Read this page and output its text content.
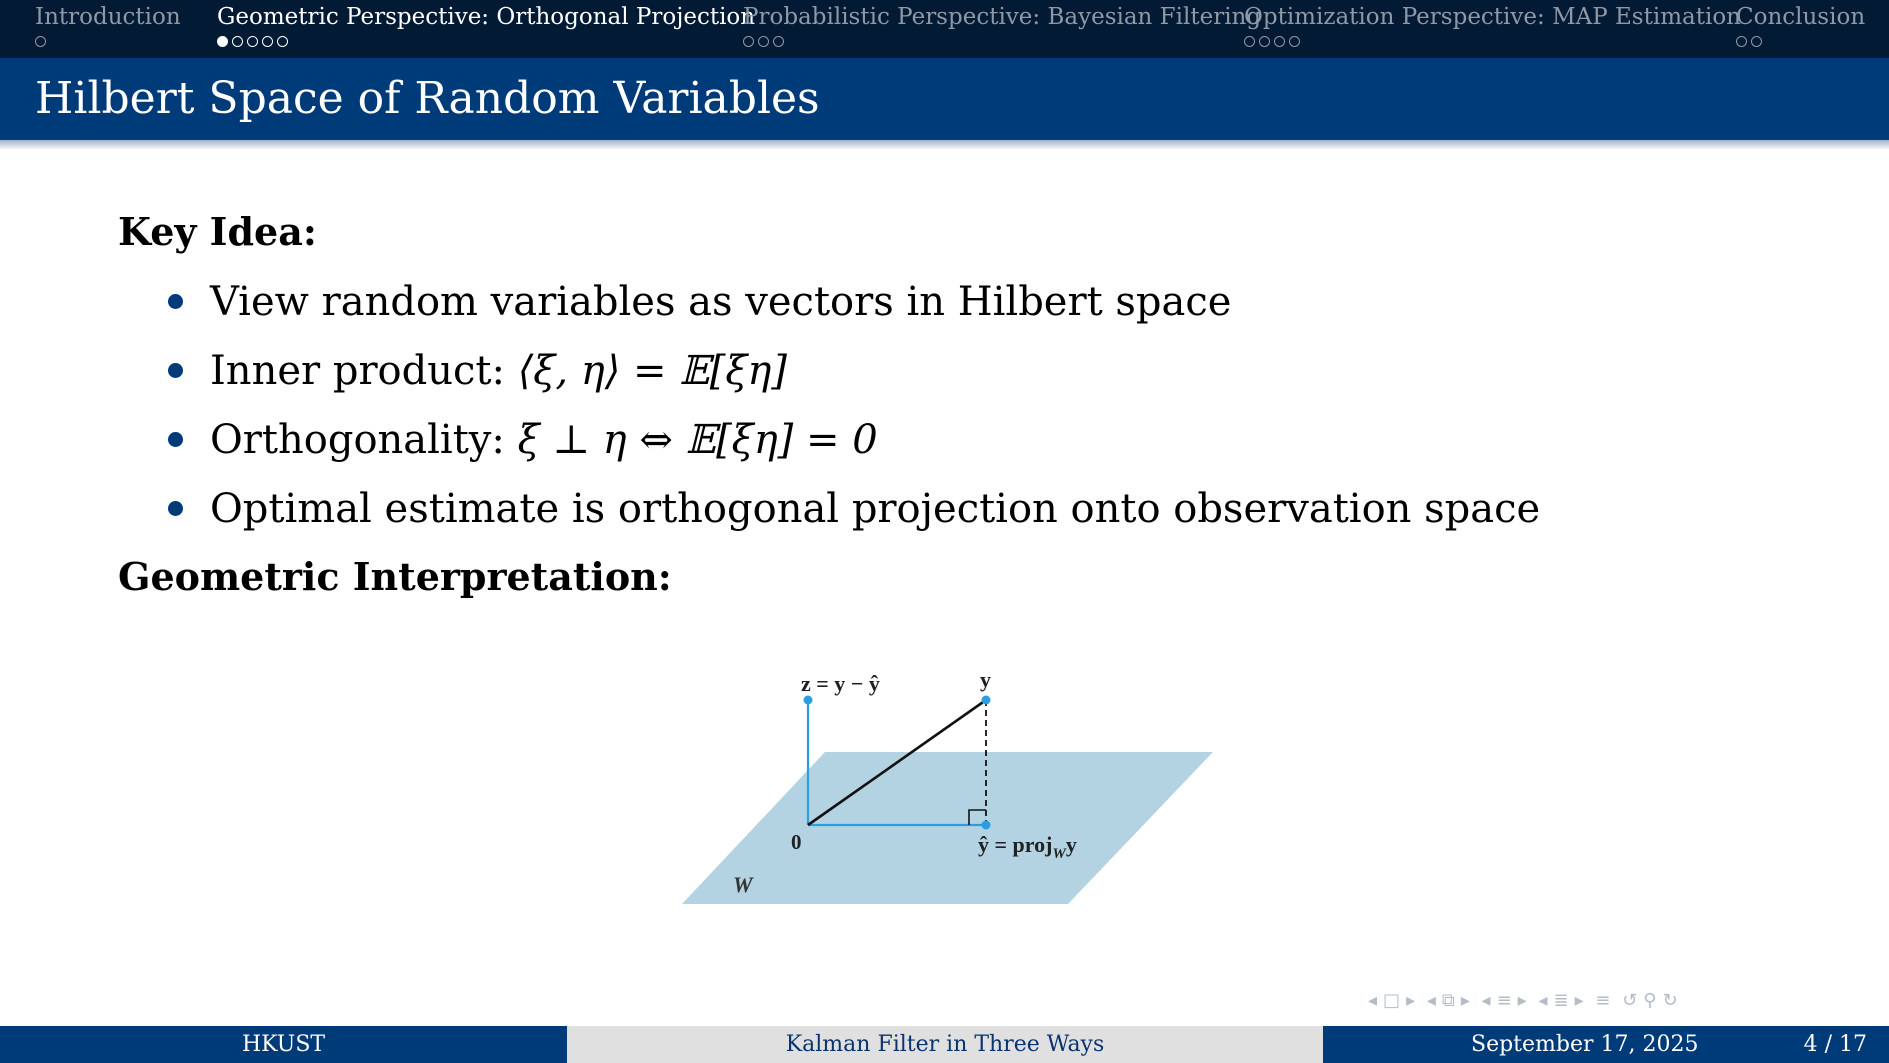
Introduction Geometric Perspective: Orthogonal Projection
Probabilistic Perspective: Bayesian Filtering
Optimization Perspective: MAP Estimation
Conclusion
Hilbert Space of Random Variables
Key Idea:
View random variables as vectors in Hilbert space
Inner product: ⟨ξ, η⟩ = 𝔼[ξη]
Orthogonality: ξ ⊥ η ⇔ 𝔼[ξη] = 0
Optimal estimate is orthogonal projection onto observation space
Geometric Interpretation:
z = y − ŷ	y
0	ŷ = proj$_W$y
W
◂ □ ▸ ◂ ⧉ ▸ ◂ ≡ ▸ ◂ ≣ ▸ ≡ ↺ ⚲ ↻
HKUST	Kalman Filter in Three Ways	September 17, 2025	4 / 17
